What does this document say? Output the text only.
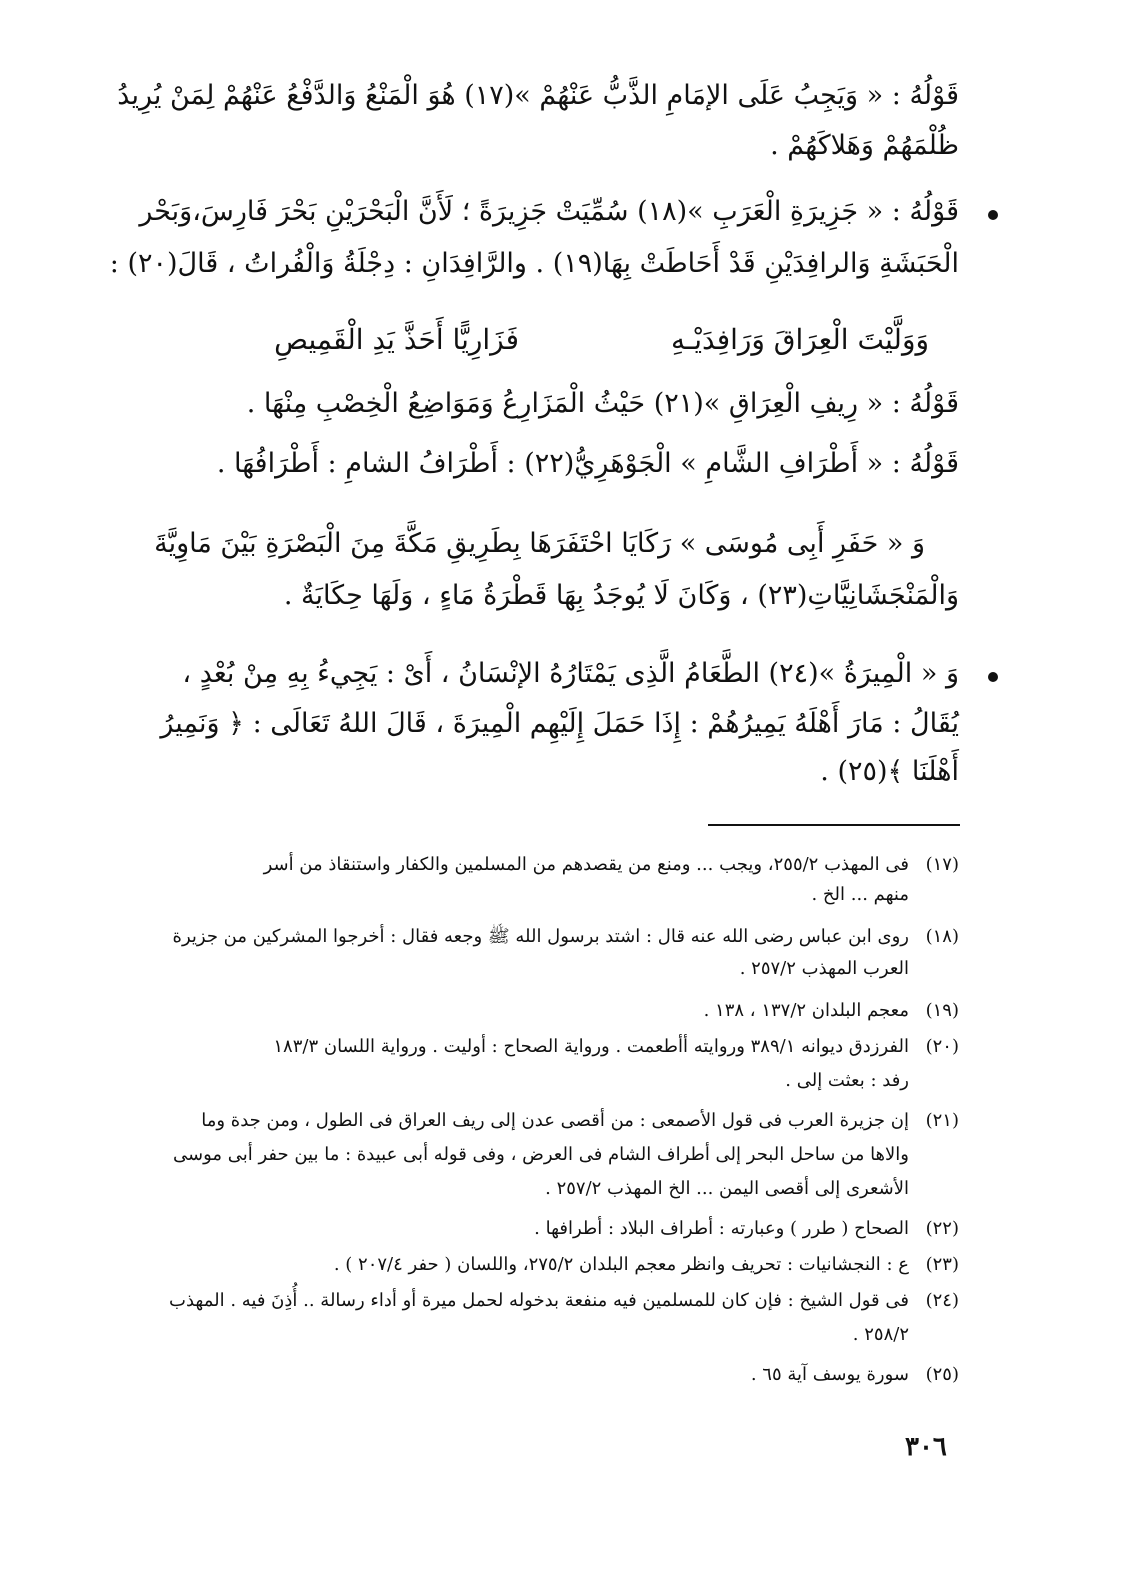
قَوْلُهُ : « وَيَجِبُ عَلَى الإمَامِ الذَّبُّ عَنْهُمْ »(١٧) هُوَ الْمَنْعُ وَالدَّفْعُ عَنْهُمْ لِمَنْ يُرِيدُ
ظُلْمَهُمْ وَهَلاكَهُمْ .
قَوْلُهُ : « جَزِيرَةِ الْعَرَبِ »(١٨) سُمِّيَتْ جَزِيرَةً ؛ لَأَنَّ الْبَحْرَيْنِ بَحْرَ فَارِسَ،وَبَحْر
الْحَبَشَةِ وَالرافِدَيْنِ قَدْ أَحَاطَتْ بِهَا(١٩) . والرَّافِدَانِ : دِجْلَةُ وَالْفُراتُ ، قَالَ(٢٠) :
وَوَلَّيْتَ الْعِرَاقَ وَرَافِدَيْـهِ
فَزَارِيًّا أَحَذَّ يَدِ الْقَمِيصِ
قَوْلُهُ : « رِيفِ الْعِرَاقِ »(٢١) حَيْثُ الْمَزَارِعُ وَمَوَاضِعُ الْخِصْبِ مِنْهَا .
قَوْلُهُ : « أَطْرَافِ الشَّامِ » الْجَوْهَرِيُّ(٢٢) : أَطْرَافُ الشامِ : أَطْرَافُهَا .
وَ « حَفَرِ أَبِى مُوسَى » رَكَايَا احْتَفَرَهَا بِطَرِيقِ مَكَّةَ مِنَ الْبَصْرَةِ بَيْنَ مَاوِيَّةَ
وَالْمَنْجَشَانِيَّاتِ(٢٣) ، وَكَانَ لَا يُوجَدُ بِهَا قَطْرَةُ مَاءٍ ، وَلَهَا حِكَايَةٌ .
وَ « الْمِيرَةُ »(٢٤) الطَّعَامُ الَّذِى يَمْتَارُهُ الإنْسَانُ ، أَىْ : يَجِيءُ بِهِ مِنْ بُعْدٍ ،
يُقَالُ : مَارَ أَهْلَهُ يَمِيرُهُمْ : إِذَا حَمَلَ إِلَيْهِم الْمِيرَةَ ، قَالَ اللهُ تَعَالَى : ﴿ وَنَمِيرُ
أَهْلَنَا ﴾(٢٥) .
(١٧)
فى المهذب ٢٥٥/٢، ويجب ... ومنع من يقصدهم من المسلمين والكفار واستنقاذ من أسر
منهم ... الخ .
(١٨)
روى ابن عباس رضى الله عنه قال : اشتد برسول الله ﷺ وجعه فقال : أخرجوا المشركين من جزيرة
العرب المهذب ٢٥٧/٢ .
(١٩)
معجم البلدان ١٣٧/٢ ، ١٣٨ .
(٢٠)
الفرزدق ديوانه ٣٨٩/١ وروايته أأطعمت . ورواية الصحاح : أوليت . ورواية اللسان ١٨٣/٣
رفد : بعثت إلى .
(٢١)
إن جزيرة العرب فى قول الأصمعى : من أقصى عدن إلى ريف العراق فى الطول ، ومن جدة وما
والاها من ساحل البحر إلى أطراف الشام فى العرض ، وفى قوله أبى عبيدة : ما بين حفر أبى موسى
الأشعرى إلى أقصى اليمن ... الخ المهذب ٢٥٧/٢ .
(٢٢)
الصحاح ( طرر ) وعبارته : أطراف البلاد : أطرافها .
(٢٣)
ع : النجشانيات : تحريف وانظر معجم البلدان ٢٧٥/٢، واللسان ( حفر ٢٠٧/٤ ) .
(٢٤)
فى قول الشيخ : فإن كان للمسلمين فيه منفعة بدخوله لحمل ميرة أو أداء رسالة .. أُذِنَ فيه . المهذب
٢٥٨/٢ .
(٢٥)
سورة يوسف آية ٦٥ .
٣٠٦
